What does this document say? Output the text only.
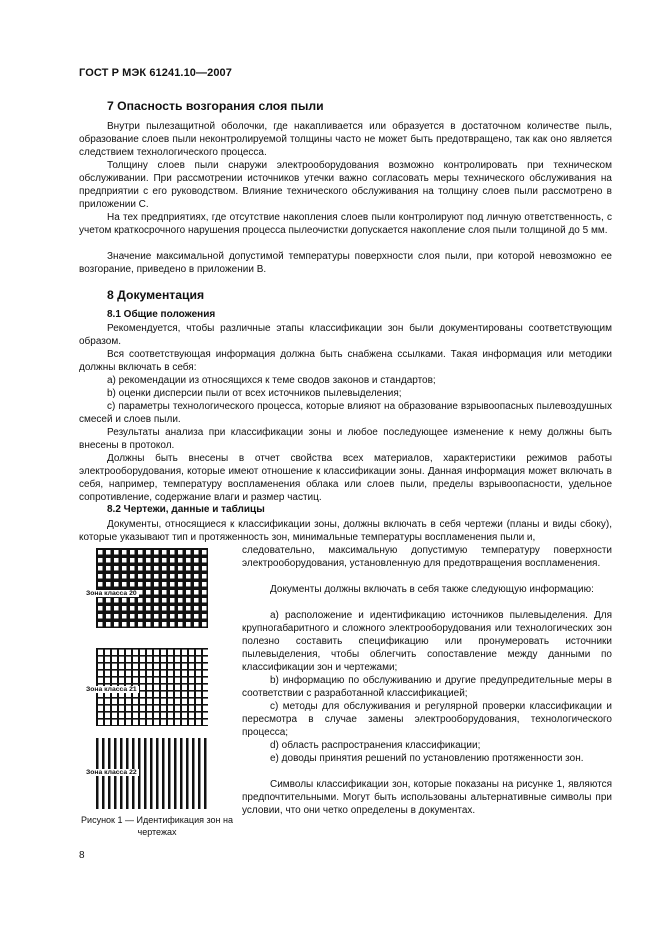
ГОСТ Р МЭК 61241.10—2007
7 Опасность возгорания слоя пыли
Внутри пылезащитной оболочки, где накапливается или образуется в достаточном количестве пыль, образование слоев пыли неконтролируемой толщины часто не может быть предотвращено, так как оно является следствием технологического процесса.
Толщину слоев пыли снаружи электрооборудования возможно контролировать при техническом обслуживании. При рассмотрении источников утечки важно согласовать меры технического обслуживания на предприятии с его руководством. Влияние технического обслуживания на толщину слоев пыли рассмотрено в приложении С.
На тех предприятиях, где отсутствие накопления слоев пыли контролируют под личную ответственность, с учетом краткосрочного нарушения процесса пылеочистки допускается накопление слоя пыли толщиной до 5 мм.
Значение максимальной допустимой температуры поверхности слоя пыли, при которой невозможно ее возгорание, приведено в приложении В.
8 Документация
8.1 Общие положения
Рекомендуется, чтобы различные этапы классификации зон были документированы соответствующим образом.
Вся соответствующая информация должна быть снабжена ссылками. Такая информация или методики должны включать в себя:
а) рекомендации из относящихся к теме сводов законов и стандартов;
b) оценки дисперсии пыли от всех источников пылевыделения;
c) параметры технологического процесса, которые влияют на образование взрывоопасных пылевоздушных смесей и слоев пыли.
Результаты анализа при классификации зоны и любое последующее изменение к нему должны быть внесены в протокол.
Должны быть внесены в отчет свойства всех материалов, характеристики режимов работы электрооборудования, которые имеют отношение к классификации зоны. Данная информация может включать в себя, например, температуру воспламенения облака или слоев пыли, пределы взрывоопасности, удельное сопротивление, содержание влаги и размер частиц.
8.2 Чертежи, данные и таблицы
Документы, относящиеся к классификации зоны, должны включать в себя чертежи (планы и виды сбоку), которые указывают тип и протяженность зон, минимальные температуры воспламенения пыли и,
следовательно, максимальную допустимую температуру поверхности электрооборудования, установленную для предотвращения воспламенения.
Документы должны включать в себя также следующую информацию:
а) расположение и идентификацию источников пылевыделения. Для крупногабаритного и сложного электрооборудования или технологических зон полезно составить спецификацию или пронумеровать источники пылевыделения, чтобы облегчить сопоставление между данными по классификации зон и чертежами;
b) информацию по обслуживанию и другие предупредительные меры в соответствии с разработанной классификацией;
c) методы для обслуживания и регулярной проверки классификации и пересмотра в случае замены электрооборудования, технологического процесса;
d) область распространения классификации;
e) доводы принятия решений по установлению протяженности зон.
Символы классификации зон, которые показаны на рисунке 1, являются предпочтительными. Могут быть использованы альтернативные символы при условии, что они четко определены в документах.
Зона класса 20
Зона класса 21
Зона класса 22
Рисунок 1 — Идентификация зон на чертежах
8
